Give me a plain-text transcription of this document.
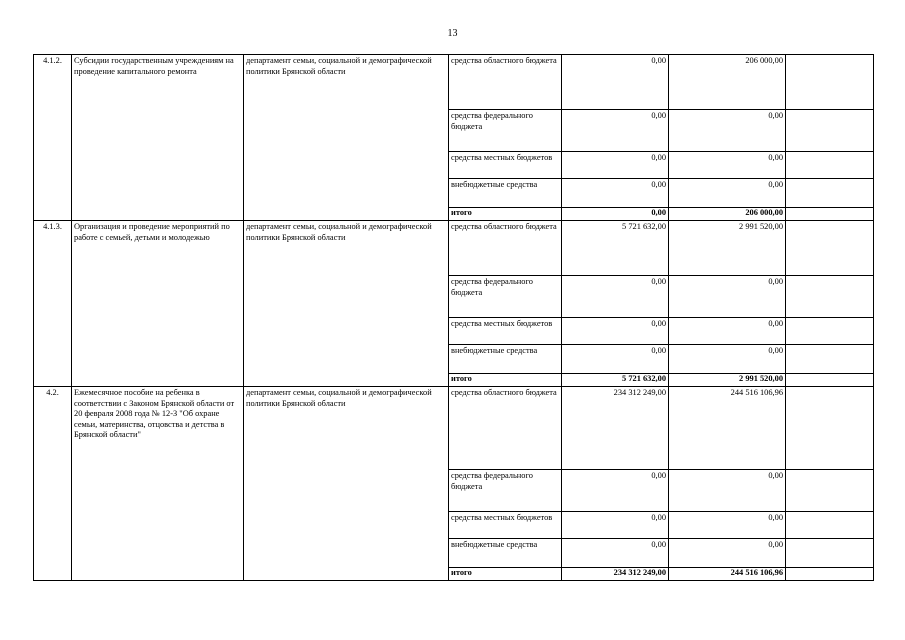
13
4.1.2.	Субсидии государственным учреждениям на проведение капитального ремонта	департамент семьи, социальной и демографической политики Брянской области	средства областного бюджета	0,00	206 000,00	
			средства федерального бюджета	0,00	0,00	
			средства местных бюджетов	0,00	0,00	
			внебюджетные средства	0,00	0,00	
			итого	0,00	206 000,00	
4.1.3.	Организация и проведение мероприятий по работе с семьей, детьми и молодежью	департамент семьи, социальной и демографической политики Брянской области	средства областного бюджета	5 721 632,00	2 991 520,00	
			средства федерального бюджета	0,00	0,00	
			средства местных бюджетов	0,00	0,00	
			внебюджетные средства	0,00	0,00	
			итого	5 721 632,00	2 991 520,00	
4.2.	Ежемесячное пособие на ребенка в соответствии с Законом Брянской области от 20 февраля 2008 года № 12-З "Об охране семьи, материнства, отцовства и детства в Брянской области"	департамент семьи, социальной и демографической политики Брянской области	средства областного бюджета	234 312 249,00	244 516 106,96	
			средства федерального бюджета	0,00	0,00	
			средства местных бюджетов	0,00	0,00	
			внебюджетные средства	0,00	0,00	
			итого	234 312 249,00	244 516 106,96	
